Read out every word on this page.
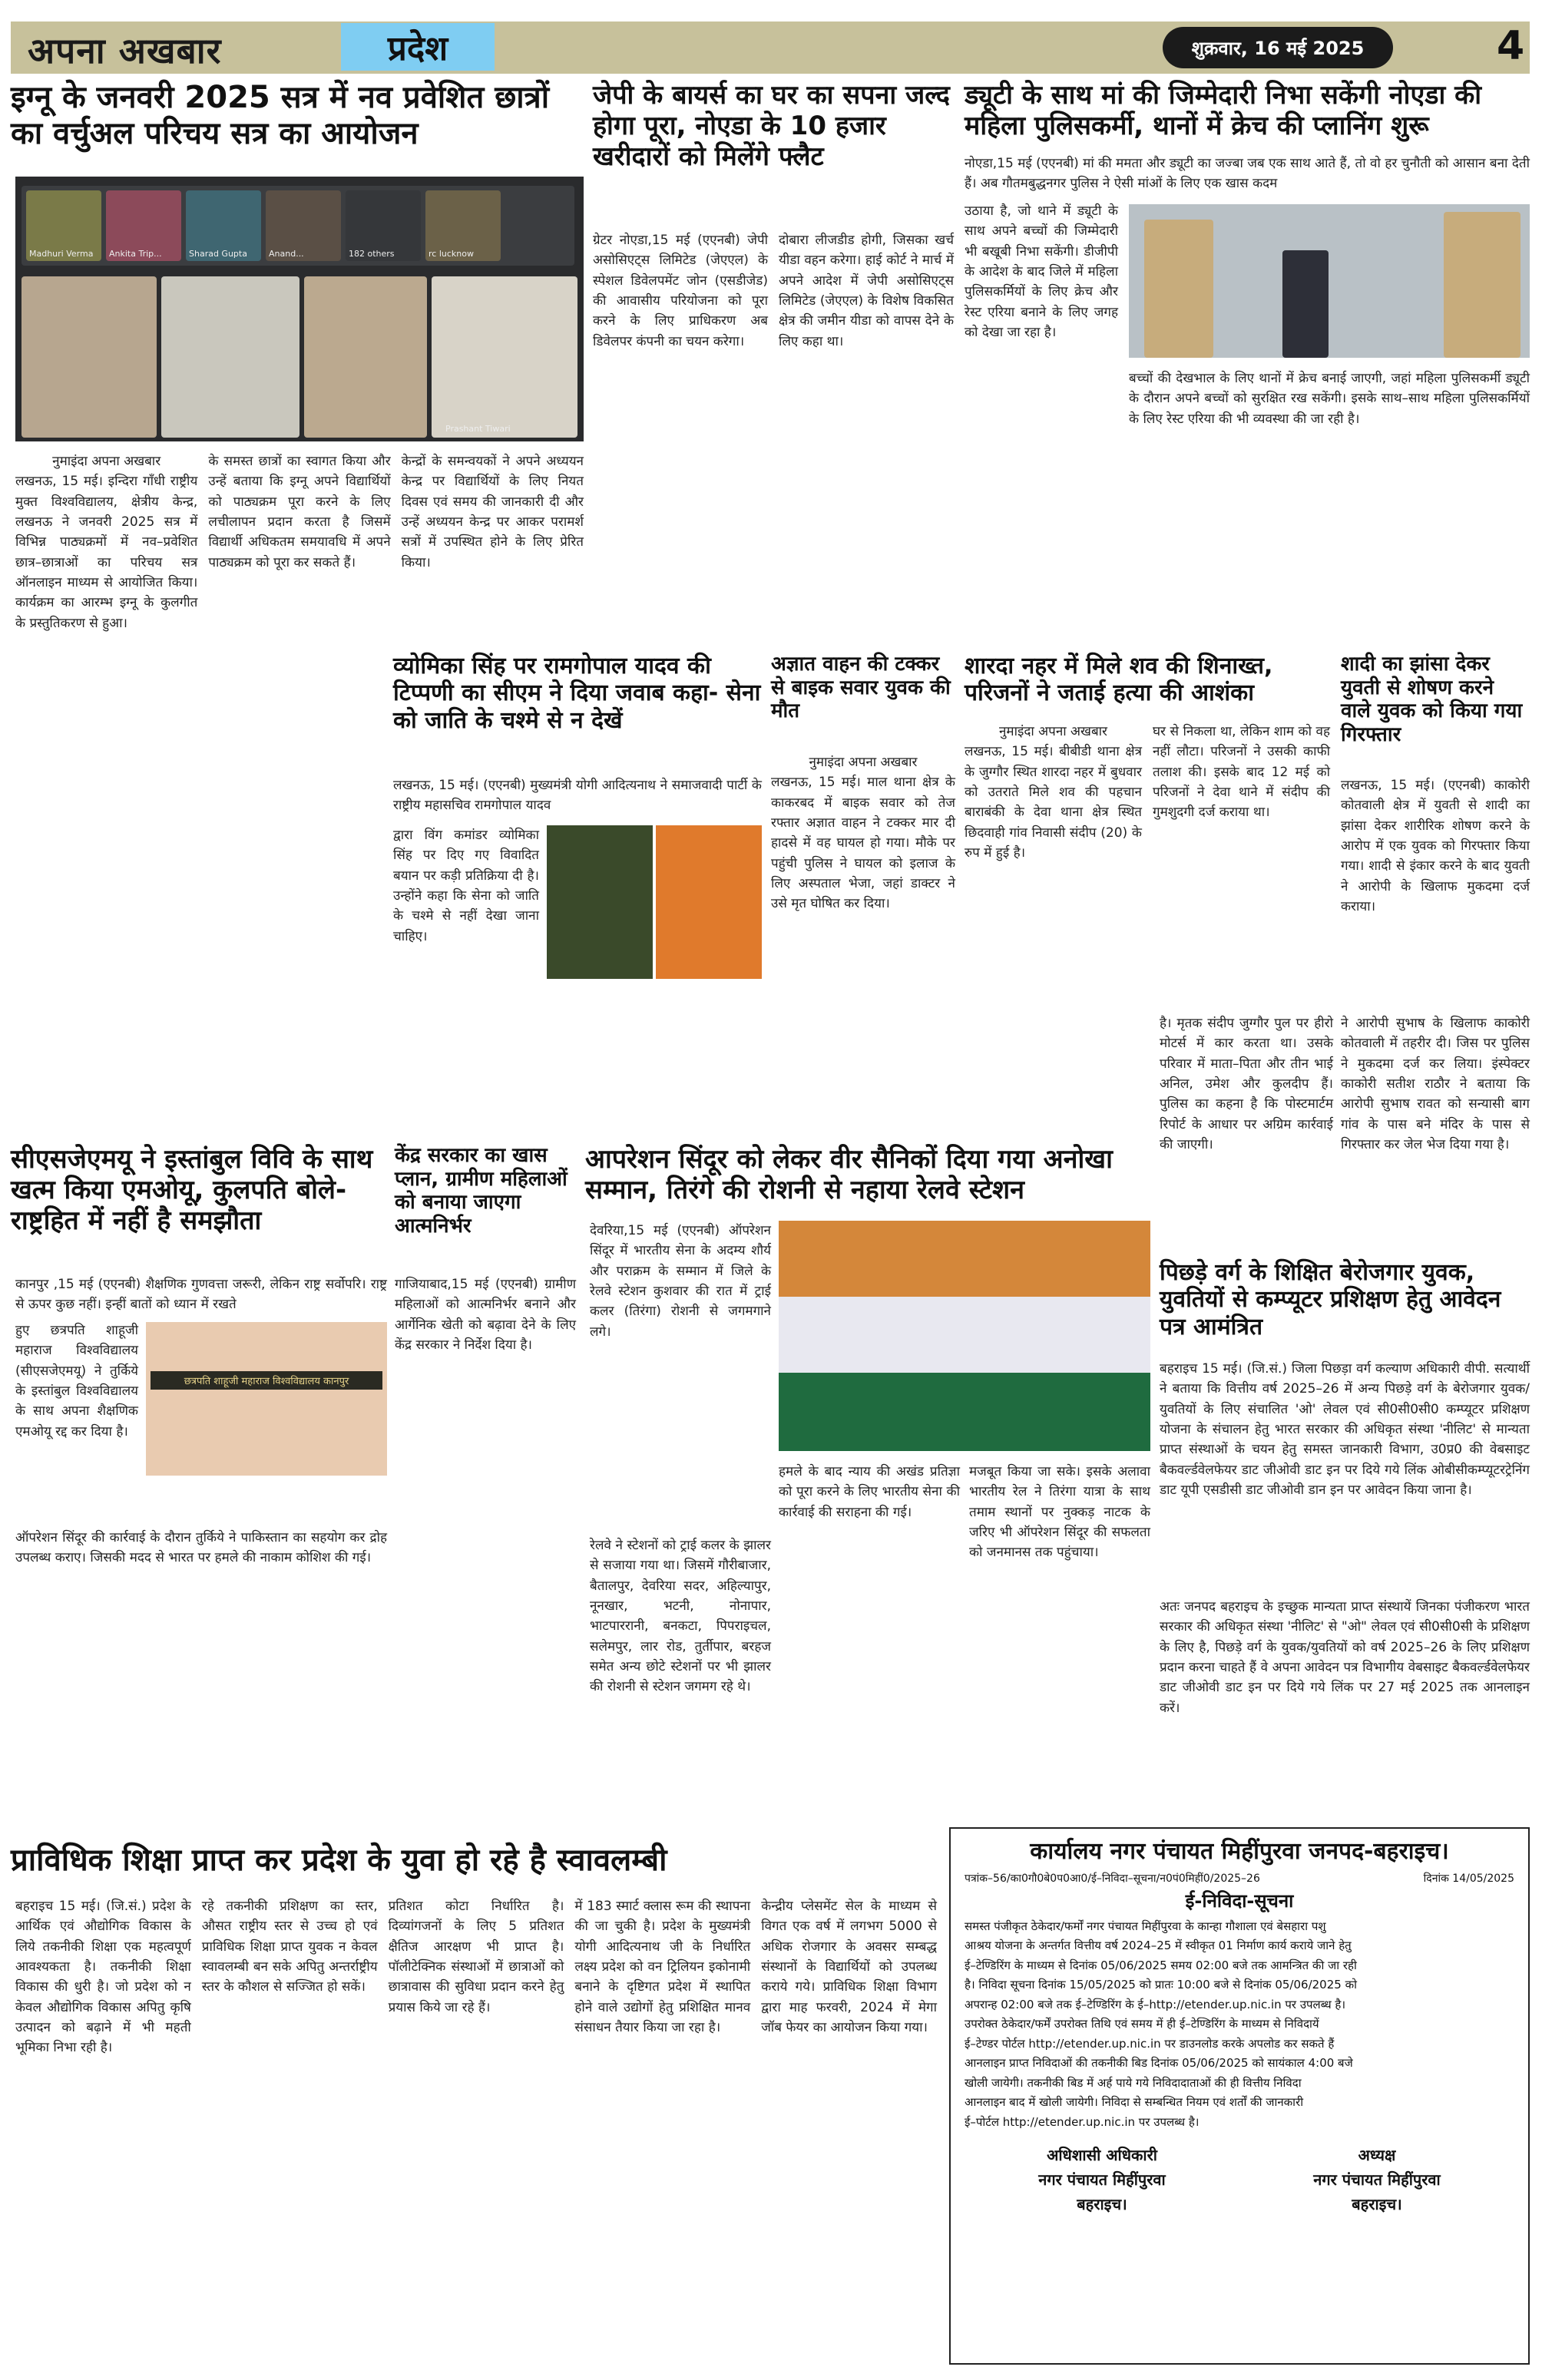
अपना अखबार	प्रदेश	शुक्रवार, 16 मई 2025	4
इग्नू के जनवरी 2025 सत्र में नव प्रवेशित छात्रों का वर्चुअल परिचय सत्र का आयोजन
Madhuri Verma	Ankita Trip...	Sharad Gupta	Anand...	182 others	rc lucknow
Prashant Tiwari
नुमाइंदा अपना अखबार
लखनऊ, 15 मई। इन्दिरा गाँधी राष्ट्रीय मुक्त विश्वविद्यालय, क्षेत्रीय केन्द्र, लखनऊ ने जनवरी 2025 सत्र में विभिन्न पाठ्यक्रमों में नव–प्रवेशित छात्र–छात्राओं का परिचय सत्र ऑनलाइन माध्यम से आयोजित किया। कार्यक्रम का आरम्भ इग्नू के कुलगीत के प्रस्तुतिकरण से हुआ।
के समस्त छात्रों का स्वागत किया और उन्हें बताया कि इग्नू अपने विद्यार्थियों को पाठ्यक्रम पूरा करने के लिए लचीलापन प्रदान करता है जिसमें विद्यार्थी अधिकतम समयावधि में अपने पाठ्यक्रम को पूरा कर सकते हैं।
केन्द्रों के समन्वयकों ने अपने अध्ययन केन्द्र पर विद्यार्थियों के लिए नियत दिवस एवं समय की जानकारी दी और उन्हें अध्ययन केन्द्र पर आकर परामर्श सत्रों में उपस्थित होने के लिए प्रेरित किया।
जेपी के बायर्स का घर का सपना जल्द होगा पूरा, नोएडा के 10 हजार खरीदारों को मिलेंगे फ्लैट
ग्रेटर नोएडा,15 मई (एएनबी) जेपी असोसिएट्स लिमिटेड (जेएएल) के स्पेशल डिवेलपमेंट जोन (एसडीजेड) की आवासीय परियोजना को पूरा करने के लिए प्राधिकरण अब डिवेलपर कंपनी का चयन करेगा।
दोबारा लीजडीड होगी, जिसका खर्च यीडा वहन करेगा। हाई कोर्ट ने मार्च में अपने आदेश में जेपी असोसिएट्स लिमिटेड (जेएएल) के विशेष विकसित क्षेत्र की जमीन यीडा को वापस देने के लिए कहा था।
ड्यूटी के साथ मां की जिम्मेदारी निभा सकेंगी नोएडा की महिला पुलिसकर्मी, थानों में क्रेच की प्लानिंग शुरू
नोएडा,15 मई (एएनबी) मां की ममता और ड्यूटी का जज्बा जब एक साथ आते हैं, तो वो हर चुनौती को आसान बना देती हैं। अब गौतमबुद्धनगर पुलिस ने ऐसी मांओं के लिए एक खास कदम
उठाया है, जो थाने में ड्यूटी के साथ अपने बच्चों की जिम्मेदारी भी बखूबी निभा सकेंगी। डीजीपी के आदेश के बाद जिले में महिला पुलिसकर्मियों के लिए क्रेच और रेस्ट एरिया बनाने के लिए जगह को देखा जा रहा है।
बच्चों की देखभाल के लिए थानों में क्रेच बनाई जाएगी, जहां महिला पुलिसकर्मी ड्यूटी के दौरान अपने बच्चों को सुरक्षित रख सकेंगी। इसके साथ–साथ महिला पुलिसकर्मियों के लिए रेस्ट एरिया की भी व्यवस्था की जा रही है।
व्योमिका सिंह पर रामगोपाल यादव की टिप्पणी का सीएम ने दिया जवाब कहा- सेना को जाति के चश्मे से न देखें
लखनऊ, 15 मई। (एएनबी) मुख्यमंत्री योगी आदित्यनाथ ने समाजवादी पार्टी के राष्ट्रीय महासचिव रामगोपाल यादव
द्वारा विंग कमांडर व्योमिका सिंह पर दिए गए विवादित बयान पर कड़ी प्रतिक्रिया दी है। उन्होंने कहा कि सेना को जाति के चश्मे से नहीं देखा जाना चाहिए।
अज्ञात वाहन की टक्कर से बाइक सवार युवक की मौत
नुमाइंदा अपना अखबार
लखनऊ, 15 मई। माल थाना क्षेत्र के काकरबद में बाइक सवार को तेज रफ्तार अज्ञात वाहन ने टक्कर मार दी हादसे में वह घायल हो गया। मौके पर पहुंची पुलिस ने घायल को इलाज के लिए अस्पताल भेजा, जहां डाक्टर ने उसे मृत घोषित कर दिया।
शारदा नहर में मिले शव की शिनाख्त, परिजनों ने जताई हत्या की आशंका
नुमाइंदा अपना अखबार
लखनऊ, 15 मई। बीबीडी थाना क्षेत्र के जुग्गौर स्थित शारदा नहर में बुधवार को उतराते मिले शव की पहचान बाराबंकी के देवा थाना क्षेत्र स्थित छिदवाही गांव निवासी संदीप (20) के रुप में हुई है।
घर से निकला था, लेकिन शाम को वह नहीं लौटा। परिजनों ने उसकी काफी तलाश की। इसके बाद 12 मई को परिजनों ने देवा थाने में संदीप की गुमशुदगी दर्ज कराया था।
शादी का झांसा देकर युवती से शोषण करने वाले युवक को किया गया गिरफ्तार
लखनऊ, 15 मई। (एएनबी) काकोरी कोतवाली क्षेत्र में युवती से शादी का झांसा देकर शारीरिक शोषण करने के आरोप में एक युवक को गिरफ्तार किया गया। शादी से इंकार करने के बाद युवती ने आरोपी के खिलाफ मुकदमा दर्ज कराया।
सीएसजेएमयू ने इस्तांबुल विवि के साथ खत्म किया एमओयू, कुलपति बोले- राष्ट्रहित में नहीं है समझौता
कानपुर ,15 मई (एएनबी) शैक्षणिक गुणवत्ता जरूरी, लेकिन राष्ट्र सर्वोपरि। राष्ट्र से ऊपर कुछ नहीं। इन्हीं बातों को ध्यान में रखते
हुए छत्रपति शाहूजी महाराज विश्वविद्यालय (सीएसजेएमयू) ने तुर्किये के इस्तांबुल विश्वविद्यालय के साथ अपना शैक्षणिक एमओयू रद्द कर दिया है।
छत्रपति शाहूजी महाराज विश्वविद्यालय कानपुर
ऑपरेशन सिंदूर की कार्रवाई के दौरान तुर्किये ने पाकिस्तान का सहयोग कर द्रोह उपलब्ध कराए। जिसकी मदद से भारत पर हमले की नाकाम कोशिश की गई।
केंद्र सरकार का खास प्लान, ग्रामीण महिलाओं को बनाया जाएगा आत्मनिर्भर
गाजियाबाद,15 मई (एएनबी) ग्रामीण महिलाओं को आत्मनिर्भर बनाने और आर्गेनिक खेती को बढ़ावा देने के लिए केंद्र सरकार ने निर्देश दिया है।
आपरेशन सिंदूर को लेकर वीर सैनिकों दिया गया अनोखा सम्मान, तिरंगे की रोशनी से नहाया रेलवे स्टेशन
देवरिया,15 मई (एएनबी) ऑपरेशन सिंदूर में भारतीय सेना के अदम्य शौर्य और पराक्रम के सम्मान में जिले के रेलवे स्टेशन कुशवार की रात में ट्राई कलर (तिरंगा) रोशनी से जगमगाने लगे।
हमले के बाद न्याय की अखंड प्रतिज्ञा को पूरा करने के लिए भारतीय सेना की कार्रवाई की सराहना की गई।
मजबूत किया जा सके। इसके अलावा भारतीय रेल ने तिरंगा यात्रा के साथ तमाम स्थानों पर नुक्कड़ नाटक के जरिए भी ऑपरेशन सिंदूर की सफलता को जनमानस तक पहुंचाया।
रेलवे ने स्टेशनों को ट्राई कलर के झालर से सजाया गया था। जिसमें गौरीबाजार, बैतालपुर, देवरिया सदर, अहिल्यापुर, नूनखार, भटनी, नोनापार, भाटपाररानी, बनकटा, पिपराइचल, सलेमपुर, लार रोड, तुर्तीपार, बरहज समेत अन्य छोटे स्टेशनों पर भी झालर की रोशनी से स्टेशन जगमग रहे थे।
है। मृतक संदीप जुग्गौर पुल पर हीरो मोटर्स में कार करता था। उसके परिवार में माता–पिता और तीन भाई अनिल, उमेश और कुलदीप हैं। पुलिस का कहना है कि पोस्टमार्टम रिपोर्ट के आधार पर अग्रिम कार्रवाई की जाएगी।
ने आरोपी सुभाष के खिलाफ काकोरी कोतवाली में तहरीर दी। जिस पर पुलिस ने मुकदमा दर्ज कर लिया। इंस्पेक्टर काकोरी सतीश राठौर ने बताया कि आरोपी सुभाष रावत को सन्यासी बाग गांव के पास बने मंदिर के पास से गिरफ्तार कर जेल भेज दिया गया है।
पिछड़े वर्ग के शिक्षित बेरोजगार युवक, युवतियों से कम्प्यूटर प्रशिक्षण हेतु आवेदन पत्र आमंत्रित
बहराइच 15 मई। (जि.सं.) जिला पिछड़ा वर्ग कल्याण अधिकारी वीपी. सत्यार्थी ने बताया कि वित्तीय वर्ष 2025–26 में अन्य पिछड़े वर्ग के बेरोजगार युवक/युवतियों के लिए संचालित 'ओ' लेवल एवं सी0सी0सी0 कम्प्यूटर प्रशिक्षण योजना के संचालन हेतु भारत सरकार की अधिकृत संस्था 'नीलिट' से मान्यता प्राप्त संस्थाओं के चयन हेतु समस्त जानकारी विभाग, उ0प्र0 की वेबसाइट बैकवर्ल्डवेलफेयर डाट जीओवी डाट इन पर दिये गये लिंक ओबीसीकम्प्यूटरट्रेनिंग डाट यूपी एसडीसी डाट जीओवी डान इन पर आवेदन किया जाना है।
अतः जनपद बहराइच के इच्छुक मान्यता प्राप्त संस्थायें जिनका पंजीकरण भारत सरकार की अधिकृत संस्था 'नीलिट' से "ओ" लेवल एवं सी0सी0सी के प्रशिक्षण के लिए है, पिछड़े वर्ग के युवक/युवतियों को वर्ष 2025–26 के लिए प्रशिक्षण प्रदान करना चाहते हैं वे अपना आवेदन पत्र विभागीय वेबसाइट बैकवर्ल्डवेलफेयर डाट जीओवी डाट इन पर दिये गये लिंक पर 27 मई 2025 तक आनलाइन करें।
प्राविधिक शिक्षा प्राप्त कर प्रदेश के युवा हो रहे है स्वावलम्बी
बहराइच 15 मई। (जि.सं.) प्रदेश के आर्थिक एवं औद्योगिक विकास के लिये तकनीकी शिक्षा एक महत्वपूर्ण आवश्यकता है। तकनीकी शिक्षा विकास की धुरी है। जो प्रदेश को न केवल औद्योगिक विकास अपितु कृषि उत्पादन को बढ़ाने में भी महती भूमिका निभा रही है।
रहे तकनीकी प्रशिक्षण का स्तर, औसत राष्ट्रीय स्तर से उच्च हो एवं प्राविधिक शिक्षा प्राप्त युवक न केवल स्वावलम्बी बन सके अपितु अन्तर्राष्ट्रीय स्तर के कौशल से सज्जित हो सकें।
प्रतिशत कोटा निर्धारित है। दिव्यांगजनों के लिए 5 प्रतिशत क्षैतिज आरक्षण भी प्राप्त है। पॉलीटेक्निक संस्थाओं में छात्राओं को छात्रावास की सुविधा प्रदान करने हेतु प्रयास किये जा रहे हैं।
में 183 स्मार्ट क्लास रूम की स्थापना की जा चुकी है। प्रदेश के मुख्यमंत्री योगी आदित्यनाथ जी के निर्धारित लक्ष्य प्रदेश को वन ट्रिलियन इकोनामी बनाने के दृष्टिगत प्रदेश में स्थापित होने वाले उद्योगों हेतु प्रशिक्षित मानव संसाधन तैयार किया जा रहा है।
केन्द्रीय प्लेसमेंट सेल के माध्यम से विगत एक वर्ष में लगभग 5000 से अधिक रोजगार के अवसर सम्बद्ध संस्थानों के विद्यार्थियों को उपलब्ध कराये गये। प्राविधिक शिक्षा विभाग द्वारा माह फरवरी, 2024 में मेगा जॉब फेयर का आयोजन किया गया।
कार्यालय नगर पंचायत मिहींपुरवा जनपद-बहराइच।
पत्रांक–56/का0गौ0बे0प0आ0/ई–निविदा–सूचना/न0पं0मिहीं0/2025–26	दिनांक 14/05/2025
ई-निविदा-सूचना
समस्त पंजीकृत ठेकेदार/फर्मों नगर पंचायत मिहींपुरवा के कान्हा गौशाला एवं बेसहारा पशु
आश्रय योजना के अन्तर्गत वित्तीय वर्ष 2024–25 में स्वीकृत 01 निर्माण कार्य कराये जाने हेतु
ई–टेण्डिरिंग के माध्यम से दिनांक 05/06/2025 समय 02:00 बजे तक आमन्त्रित की जा रही
है। निविदा सूचना दिनांक 15/05/2025 को प्रातः 10:00 बजे से दिनांक 05/06/2025 को
अपरान्ह 02:00 बजे तक ई–टेण्डिरिंग के ई–http://etender.up.nic.in पर उपलब्ध है।
उपरोक्त ठेकेदार/फर्में उपरोक्त तिथि एवं समय में ही ई–टेण्डिरिंग के माध्यम से निविदायें
ई–टेण्डर पोर्टल http://etender.up.nic.in पर डाउनलोड करके अपलोड कर सकते हैं
आनलाइन प्राप्त निविदाओं की तकनीकी बिड दिनांक 05/06/2025 को सायंकाल 4:00 बजे
खोली जायेगी। तकनीकी बिड में अर्ह पाये गये निविदादाताओं की ही वित्तीय निविदा
आनलाइन बाद में खोली जायेगी। निविदा से सम्बन्धित नियम एवं शर्तों की जानकारी
ई–पोर्टल http://etender.up.nic.in पर उपलब्ध है।
अधिशासी अधिकारी
नगर पंचायत मिहींपुरवा
बहराइच।
अध्यक्ष
नगर पंचायत मिहींपुरवा
बहराइच।
